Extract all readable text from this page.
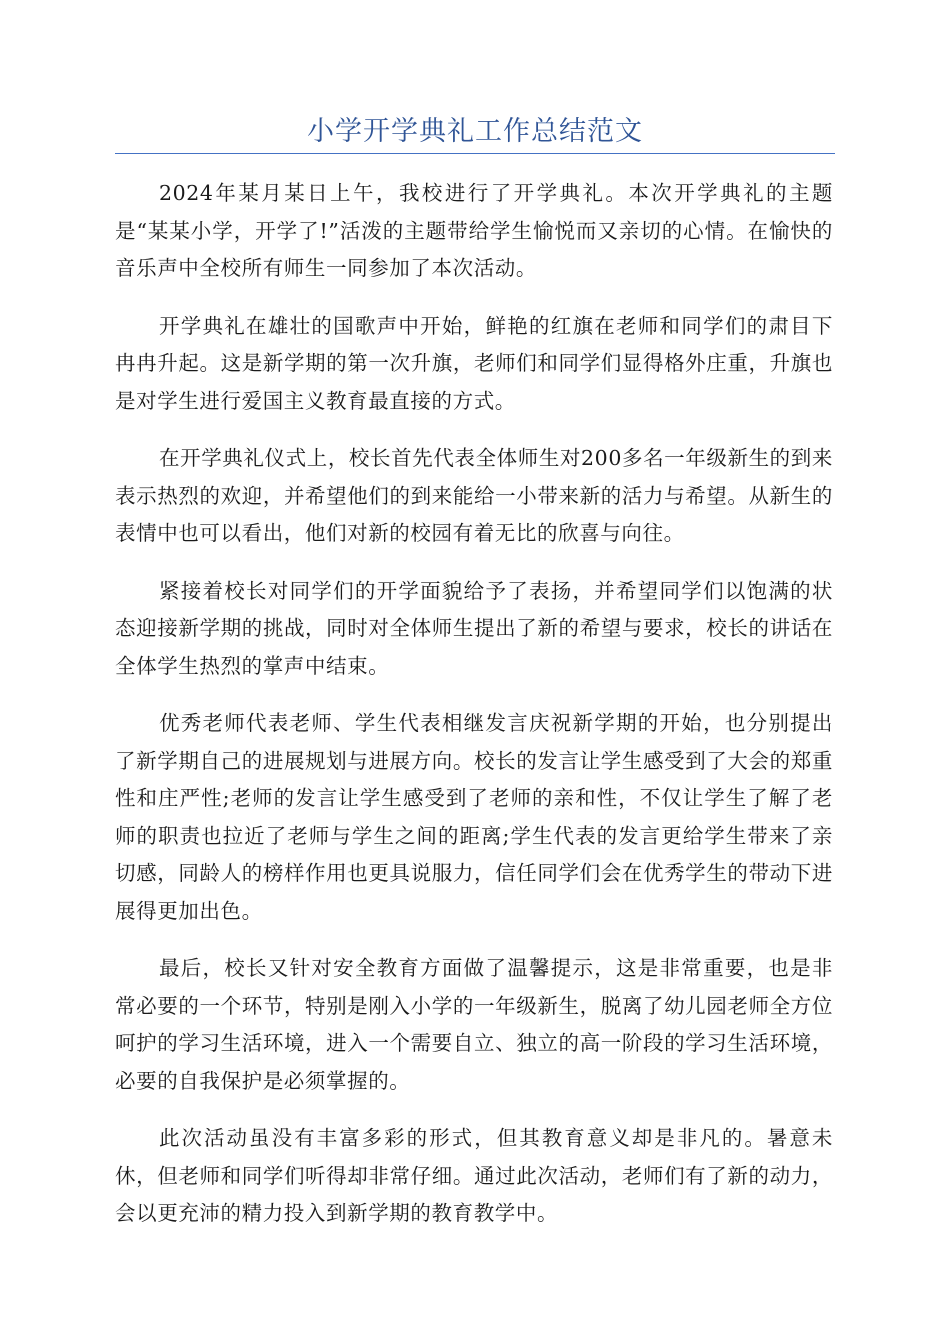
小学开学典礼工作总结范文

2024年某月某日上午，我校进行了开学典礼。本次开学典礼的主题是“某某小学，开学了!”活泼的主题带给学生愉悦而又亲切的心情。在愉快的音乐声中全校所有师生一同参加了本次活动。

开学典礼在雄壮的国歌声中开始，鲜艳的红旗在老师和同学们的肃目下冉冉升起。这是新学期的第一次升旗，老师们和同学们显得格外庄重，升旗也是对学生进行爱国主义教育最直接的方式。

在开学典礼仪式上，校长首先代表全体师生对200多名一年级新生的到来表示热烈的欢迎，并希望他们的到来能给一小带来新的活力与希望。从新生的表情中也可以看出，他们对新的校园有着无比的欣喜与向往。

紧接着校长对同学们的开学面貌给予了表扬，并希望同学们以饱满的状态迎接新学期的挑战，同时对全体师生提出了新的希望与要求，校长的讲话在全体学生热烈的掌声中结束。

优秀老师代表老师、学生代表相继发言庆祝新学期的开始，也分别提出了新学期自己的进展规划与进展方向。校长的发言让学生感受到了大会的郑重性和庄严性;老师的发言让学生感受到了老师的亲和性，不仅让学生了解了老师的职责也拉近了老师与学生之间的距离;学生代表的发言更给学生带来了亲切感，同龄人的榜样作用也更具说服力，信任同学们会在优秀学生的带动下进展得更加出色。

最后，校长又针对安全教育方面做了温馨提示，这是非常重要，也是非常必要的一个环节，特别是刚入小学的一年级新生，脱离了幼儿园老师全方位呵护的学习生活环境，进入一个需要自立、独立的高一阶段的学习生活环境，必要的自我保护是必须掌握的。

此次活动虽没有丰富多彩的形式，但其教育意义却是非凡的。暑意未休，但老师和同学们听得却非常仔细。通过此次活动，老师们有了新的动力，会以更充沛的精力投入到新学期的教育教学中。
